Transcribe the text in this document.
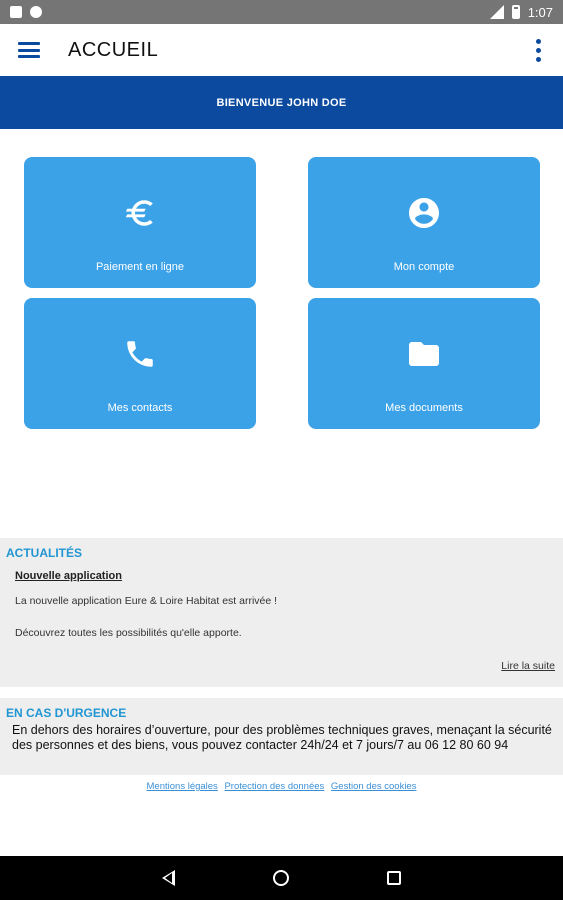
1:07
ACCUEIL
BIENVENUE JOHN DOE
Paiement en ligne	Mon compte
Mes contacts	Mes documents
ACTUALITÉS
Nouvelle application
La nouvelle application Eure & Loire Habitat est arrivée !
Découvrez toutes les possibilités qu'elle apporte.
Lire la suite
EN CAS D'URGENCE
En dehors des horaires d’ouverture, pour des problèmes techniques graves, menaçant la sécurité des personnes et des biens, vous pouvez contacter 24h/24 et 7 jours/7 au 06 12 80 60 94
Mentions légales Protection des données Gestion des cookies
